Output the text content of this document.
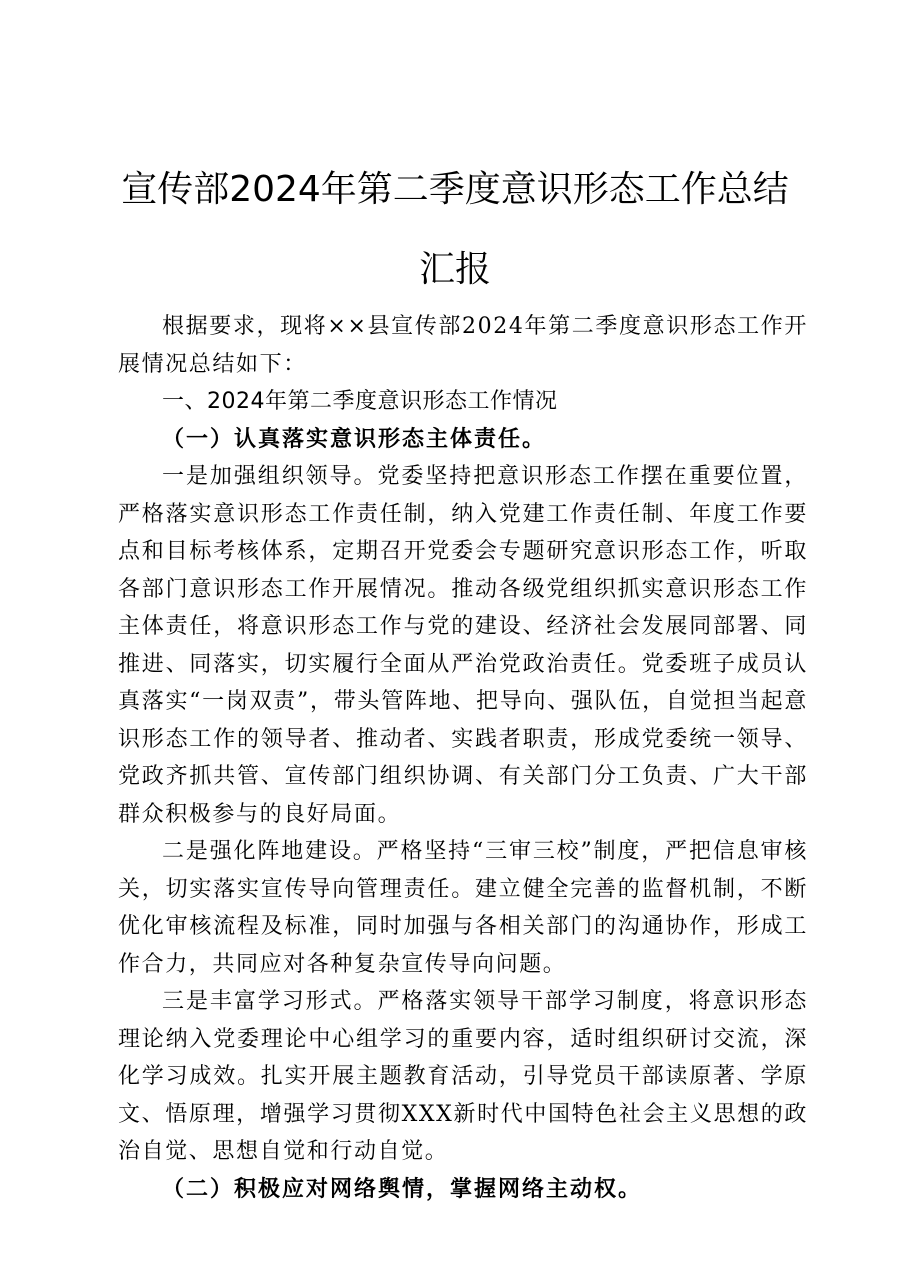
宣传部2024年第二季度意识形态工作总结汇报

根据要求，现将××县宣传部2024年第二季度意识形态工作开展情况总结如下：

一、2024年第二季度意识形态工作情况

（一）认真落实意识形态主体责任。

一是加强组织领导。党委坚持把意识形态工作摆在重要位置，严格落实意识形态工作责任制，纳入党建工作责任制、年度工作要点和目标考核体系，定期召开党委会专题研究意识形态工作，听取各部门意识形态工作开展情况。推动各级党组织抓实意识形态工作主体责任，将意识形态工作与党的建设、经济社会发展同部署、同推进、同落实，切实履行全面从严治党政治责任。党委班子成员认真落实“一岗双责”，带头管阵地、把导向、强队伍，自觉担当起意识形态工作的领导者、推动者、实践者职责，形成党委统一领导、党政齐抓共管、宣传部门组织协调、有关部门分工负责、广大干部群众积极参与的良好局面。

二是强化阵地建设。严格坚持“三审三校”制度，严把信息审核关，切实落实宣传导向管理责任。建立健全完善的监督机制，不断优化审核流程及标准，同时加强与各相关部门的沟通协作，形成工作合力，共同应对各种复杂宣传导向问题。

三是丰富学习形式。严格落实领导干部学习制度，将意识形态理论纳入党委理论中心组学习的重要内容，适时组织研讨交流，深化学习成效。扎实开展主题教育活动，引导党员干部读原著、学原文、悟原理，增强学习贯彻XXX新时代中国特色社会主义思想的政治自觉、思想自觉和行动自觉。

（二）积极应对网络舆情，掌握网络主动权。
